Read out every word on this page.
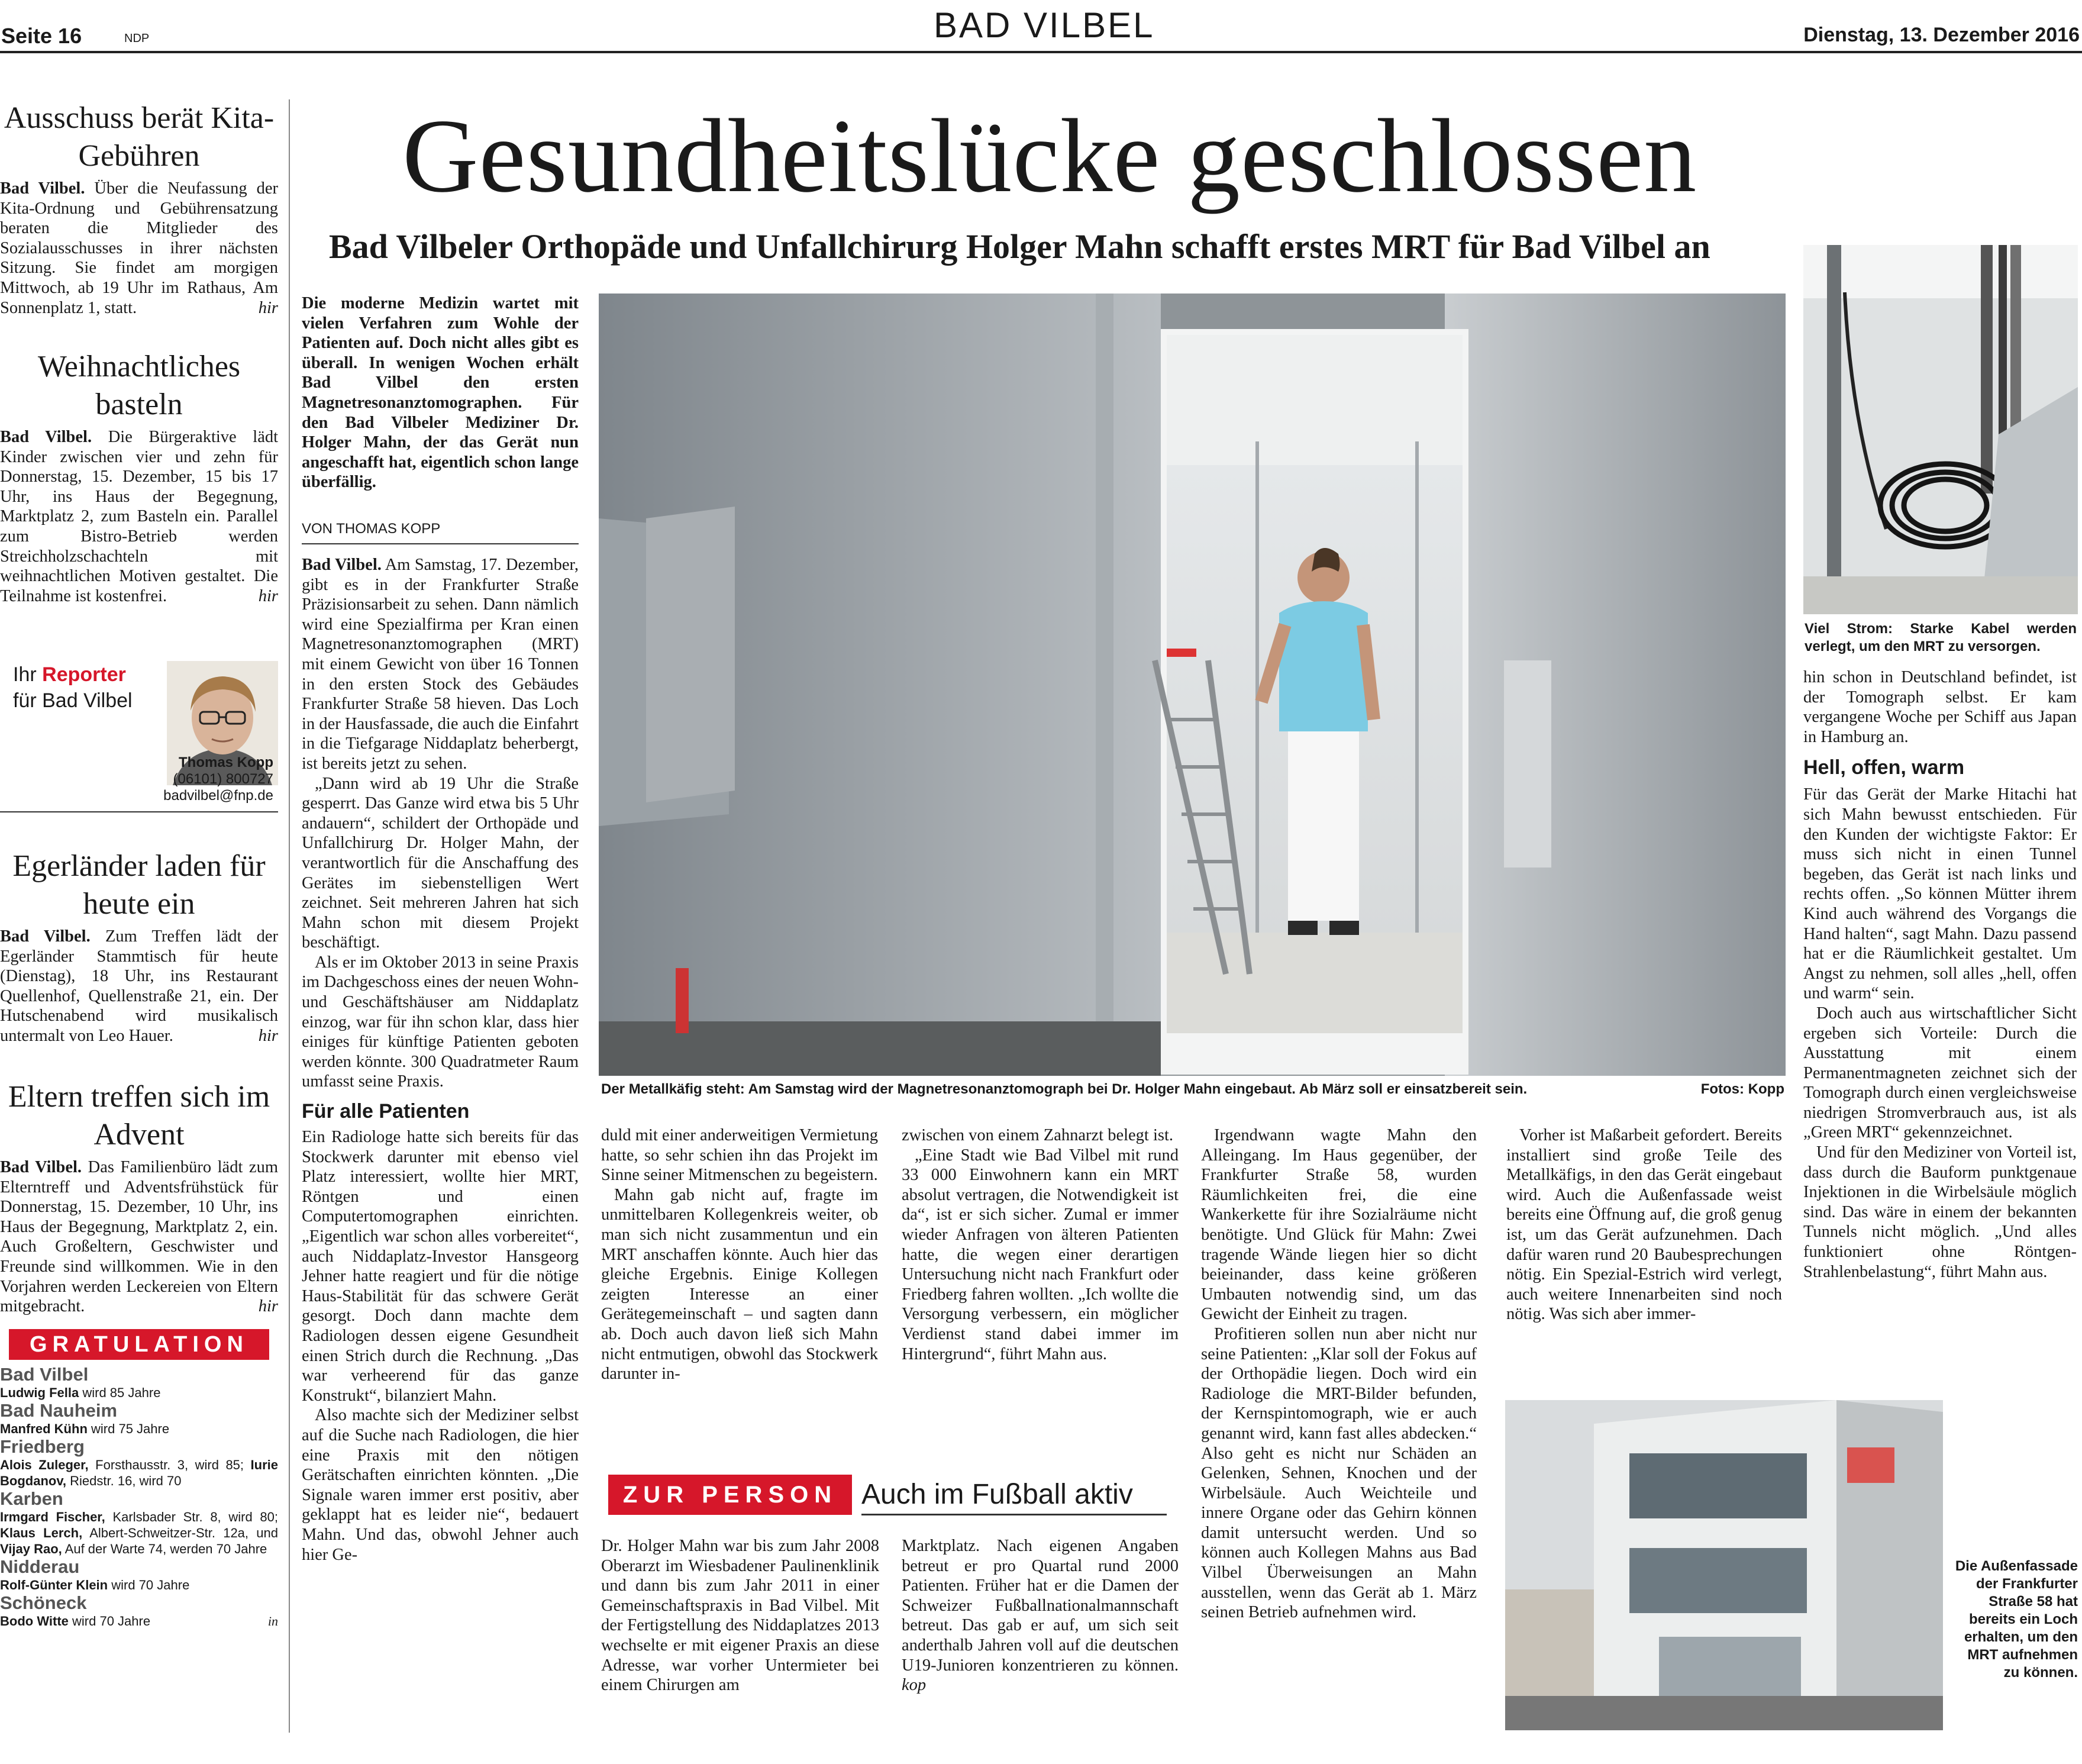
Seite 16	NDP	BAD VILBEL	Dienstag, 13. Dezember 2016
Ausschuss berät Kita-Gebühren
Bad Vilbel. Über die Neufassung der Kita-Ordnung und Gebührensatzung beraten die Mitglieder des Sozialausschusses in ihrer nächsten Sitzung. Sie findet am morgigen Mittwoch, ab 19 Uhr im Rathaus, Am Sonnenplatz 1, statt.	hir
Weihnachtliches basteln
Bad Vilbel. Die Bürgeraktive lädt Kinder zwischen vier und zehn für Donnerstag, 15. Dezember, 15 bis 17 Uhr, ins Haus der Begegnung, Marktplatz 2, zum Basteln ein. Parallel zum Bistro-Betrieb werden Streichholzschachteln mit weihnachtlichen Motiven gestaltet. Die Teilnahme ist kostenfrei.	hir
Ihr Reporter
für Bad Vilbel
Thomas Kopp
(06101) 800727
badvilbel@fnp.de
Egerländer laden für heute ein
Bad Vilbel. Zum Treffen lädt der Egerländer Stammtisch für heute (Dienstag), 18 Uhr, ins Restaurant Quellenhof, Quellenstraße 21, ein. Der Hutschenabend wird musikalisch untermalt von Leo Hauer.	hir
Eltern treffen sich im Advent
Bad Vilbel. Das Familienbüro lädt zum Elterntreff und Adventsfrühstück für Donnerstag, 15. Dezember, 10 Uhr, ins Haus der Begegnung, Marktplatz 2, ein. Auch Großeltern, Geschwister und Freunde sind willkommen. Wie in den Vorjahren werden Leckereien von Eltern mitgebracht.	hir
GRATULATION
Bad Vilbel
Ludwig Fella wird 85 Jahre
Bad Nauheim
Manfred Kühn wird 75 Jahre
Friedberg
Alois Zuleger, Forsthausstr. 3, wird 85; Iurie Bogdanov, Riedstr. 16, wird 70
Karben
Irmgard Fischer, Karlsbader Str. 8, wird 80; Klaus Lerch, Albert-Schweitzer-Str. 12a, und Vijay Rao, Auf der Warte 74, werden 70 Jahre
Nidderau
Rolf-Günter Klein wird 70 Jahre
Schöneck
Bodo Witte wird 70 Jahre	in
Gesundheitslücke geschlossen
Bad Vilbeler Orthopäde und Unfallchirurg Holger Mahn schafft erstes MRT für Bad Vilbel an
Die moderne Medizin wartet mit vielen Verfahren zum Wohle der Patienten auf. Doch nicht alles gibt es überall. In wenigen Wochen erhält Bad Vilbel den ersten Magnetresonanztomographen. Für den Bad Vilbeler Mediziner Dr. Holger Mahn, der das Gerät nun angeschafft hat, eigentlich schon lange überfällig.
VON THOMAS KOPP
Der Metallkäfig steht: Am Samstag wird der Magnetresonanztomograph bei Dr. Holger Mahn eingebaut. Ab März soll er einsatzbereit sein.	Fotos: Kopp

Bad Vilbel. Am Samstag, 17. Dezember, gibt es in der Frankfurter Straße Präzisionsarbeit zu sehen. Dann nämlich wird eine Spezialfirma per Kran einen Magnetresonanztomographen (MRT) mit einem Gewicht von über 16 Tonnen in den ersten Stock des Gebäudes Frankfurter Straße 58 hieven. Das Loch in der Hausfassade, die auch die Einfahrt in die Tiefgarage Niddaplatz beherbergt, ist bereits jetzt zu sehen.

„Dann wird ab 19 Uhr die Straße gesperrt. Das Ganze wird etwa bis 5 Uhr andauern“, schildert der Orthopäde und Unfallchirurg Dr. Holger Mahn, der verantwortlich für die Anschaffung des Gerätes im siebenstelligen Wert zeichnet. Seit mehreren Jahren hat sich Mahn schon mit diesem Projekt beschäftigt.

Als er im Oktober 2013 in seine Praxis im Dachgeschoss eines der neuen Wohn- und Geschäftshäuser am Niddaplatz einzog, war für ihn schon klar, dass hier einiges für künftige Patienten geboten werden könnte. 300 Quadratmeter Raum umfasst seine Praxis.

Für alle Patienten

Ein Radiologe hatte sich bereits für das Stockwerk darunter mit ebenso viel Platz interessiert, wollte hier MRT, Röntgen und einen Computertomographen einrichten. „Eigentlich war schon alles vorbereitet“, auch Niddaplatz-Investor Hansgeorg Jehner hatte reagiert und für die nötige Haus-Stabilität für das schwere Gerät gesorgt. Doch dann machte dem Radiologen dessen eigene Gesundheit einen Strich durch die Rechnung. „Das war verheerend für das ganze Konstrukt“, bilanziert Mahn.

Also machte sich der Mediziner selbst auf die Suche nach Radiologen, die hier eine Praxis mit den nötigen Gerätschaften einrichten könnten. „Die Signale waren immer erst positiv, aber geklappt hat es leider nie“, bedauert Mahn. Und das, obwohl Jehner auch hier Ge-

duld mit einer anderweitigen Vermietung hatte, so sehr schien ihn das Projekt im Sinne seiner Mitmenschen zu begeistern.

Mahn gab nicht auf, fragte im unmittelbaren Kollegenkreis weiter, ob man sich nicht zusammentun und ein MRT anschaffen könnte. Auch hier das gleiche Ergebnis. Einige Kollegen zeigten Interesse an einer Gerätegemeinschaft – und sagten dann ab. Doch auch davon ließ sich Mahn nicht entmutigen, obwohl das Stockwerk darunter in-

zwischen von einem Zahnarzt belegt ist.

„Eine Stadt wie Bad Vilbel mit rund 33 000 Einwohnern kann ein MRT absolut vertragen, die Notwendigkeit ist da“, ist er sich sicher. Zumal er immer wieder Anfragen von älteren Patienten hatte, die wegen einer derartigen Untersuchung nicht nach Frankfurt oder Friedberg fahren wollten. „Ich wollte die Versorgung verbessern, ein möglicher Verdienst stand dabei immer im Hintergrund“, führt Mahn aus.

ZUR PERSON Auch im Fußball aktiv
Dr. Holger Mahn war bis zum Jahr 2008 Oberarzt im Wiesbadener Paulinenklinik und dann bis zum Jahr 2011 in einer Gemeinschaftspraxis in Bad Vilbel. Mit der Fertigstellung des Niddaplatzes 2013 wechselte er mit eigener Praxis an diese Adresse, war vorher Untermieter bei einem Chirurgen am
Marktplatz. Nach eigenen Angaben betreut er pro Quartal rund 2000 Patienten. Früher hat er die Damen der Schweizer Fußballnationalmannschaft betreut. Das gab er auf, um sich seit anderthalb Jahren voll auf die deutschen U19-Junioren konzentrieren zu können. kop

Irgendwann wagte Mahn den Alleingang. Im Haus gegenüber, der Frankfurter Straße 58, wurden Räumlichkeiten frei, die eine Wankerkette für ihre Sozialräume nicht benötigte. Und Glück für Mahn: Zwei tragende Wände liegen hier so dicht beieinander, dass keine größeren Umbauten notwendig sind, um das Gewicht der Einheit zu tragen.

Profitieren sollen nun aber nicht nur seine Patienten: „Klar soll der Fokus auf der Orthopädie liegen. Doch wird ein Radiologe die MRT-Bilder befunden, der Kernspintomograph, wie er auch genannt wird, kann fast alles abdecken.“ Also geht es nicht nur Schäden an Gelenken, Sehnen, Knochen und der Wirbelsäule. Auch Weichteile und innere Organe oder das Gehirn können damit untersucht werden. Und so können auch Kollegen Mahns aus Bad Vilbel Überweisungen an Mahn ausstellen, wenn das Gerät ab 1. März seinen Betrieb aufnehmen wird.

Vorher ist Maßarbeit gefordert. Bereits installiert sind große Teile des Metallkäfigs, in den das Gerät eingebaut wird. Auch die Außenfassade weist bereits eine Öffnung auf, die groß genug ist, um das Gerät aufzunehmen. Dach dafür waren rund 20 Baubesprechungen nötig. Ein Spezial-Estrich wird verlegt, auch weitere Innenarbeiten sind noch nötig. Was sich aber immer-

Viel Strom: Starke Kabel werden verlegt, um den MRT zu versorgen.

hin schon in Deutschland befindet, ist der Tomograph selbst. Er kam vergangene Woche per Schiff aus Japan in Hamburg an.

Hell, offen, warm

Für das Gerät der Marke Hitachi hat sich Mahn bewusst entschieden. Für den Kunden der wichtigste Faktor: Er muss sich nicht in einen Tunnel begeben, das Gerät ist nach links und rechts offen. „So können Mütter ihrem Kind auch während des Vorgangs die Hand halten“, sagt Mahn. Dazu passend hat er die Räumlichkeit gestaltet. Um Angst zu nehmen, soll alles „hell, offen und warm“ sein.

Doch auch aus wirtschaftlicher Sicht ergeben sich Vorteile: Durch die Ausstattung mit einem Permanentmagneten zeichnet sich der Tomograph durch einen vergleichsweise niedrigen Stromverbrauch aus, ist als „Green MRT“ gekennzeichnet.

Und für den Mediziner von Vorteil ist, dass durch die Bauform punktgenaue Injektionen in die Wirbelsäule möglich sind. Das wäre in einem der bekannten Tunnels nicht möglich. „Und alles funktioniert ohne Röntgen-Strahlenbelastung“, führt Mahn aus.

Die Außenfassade der Frankfurter Straße 58 hat bereits ein Loch erhalten, um den MRT aufnehmen zu können.
